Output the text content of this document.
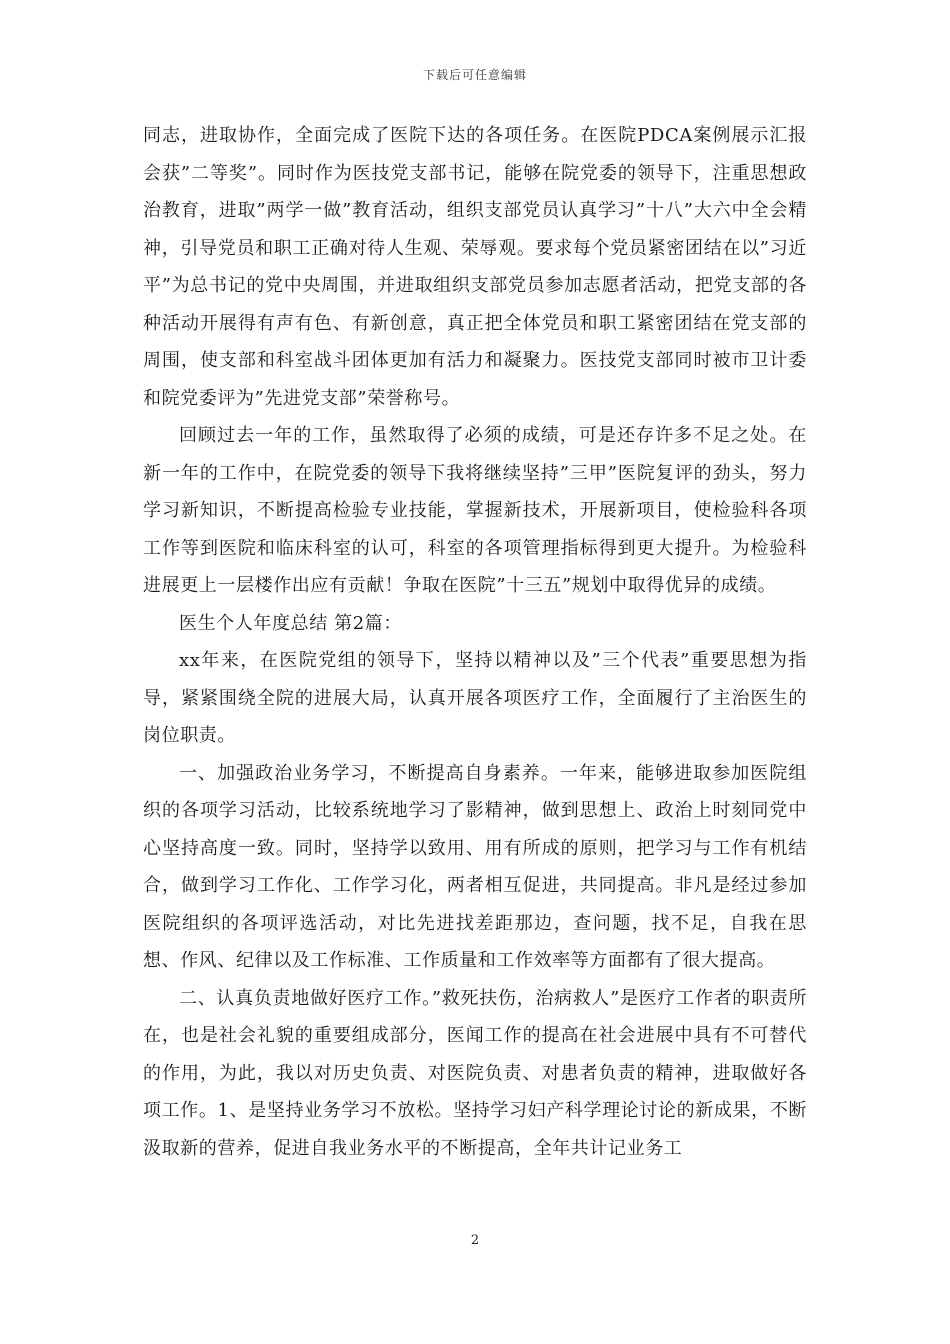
下载后可任意编辑

同志，进取协作，全面完成了医院下达的各项任务。在医院PDCA案例展示汇报会获”二等奖”。同时作为医技党支部书记，能够在院党委的领导下，注重思想政治教育，进取”两学一做”教育活动，组织支部党员认真学习”十八”大六中全会精神，引导党员和职工正确对待人生观、荣辱观。要求每个党员紧密团结在以”习近平”为总书记的党中央周围，并进取组织支部党员参加志愿者活动，把党支部的各种活动开展得有声有色、有新创意，真正把全体党员和职工紧密团结在党支部的周围，使支部和科室战斗团体更加有活力和凝聚力。医技党支部同时被市卫计委和院党委评为”先进党支部”荣誉称号。

回顾过去一年的工作，虽然取得了必须的成绩，可是还存许多不足之处。在新一年的工作中，在院党委的领导下我将继续坚持”三甲”医院复评的劲头，努力学习新知识，不断提高检验专业技能，掌握新技术，开展新项目，使检验科各项工作等到医院和临床科室的认可，科室的各项管理指标得到更大提升。为检验科进展更上一层楼作出应有贡献！争取在医院”十三五”规划中取得优异的成绩。

医生个人年度总结 第2篇：

xx年来，在医院党组的领导下，坚持以精神以及”三个代表”重要思想为指导，紧紧围绕全院的进展大局，认真开展各项医疗工作，全面履行了主治医生的岗位职责。

一、加强政治业务学习，不断提高自身素养。一年来，能够进取参加医院组织的各项学习活动，比较系统地学习了影精神，做到思想上、政治上时刻同党中心坚持高度一致。同时，坚持学以致用、用有所成的原则，把学习与工作有机结合，做到学习工作化、工作学习化，两者相互促进，共同提高。非凡是经过参加医院组织的各项评选活动，对比先进找差距那边，查问题，找不足，自我在思想、作风、纪律以及工作标准、工作质量和工作效率等方面都有了很大提高。

二、认真负责地做好医疗工作。”救死扶伤，治病救人”是医疗工作者的职责所在，也是社会礼貌的重要组成部分，医闻工作的提高在社会进展中具有不可替代的作用，为此，我以对历史负责、对医院负责、对患者负责的精神，进取做好各项工作。1、是坚持业务学习不放松。坚持学习妇产科学理论讨论的新成果，不断汲取新的营养，促进自我业务水平的不断提高，全年共计记业务工

2
